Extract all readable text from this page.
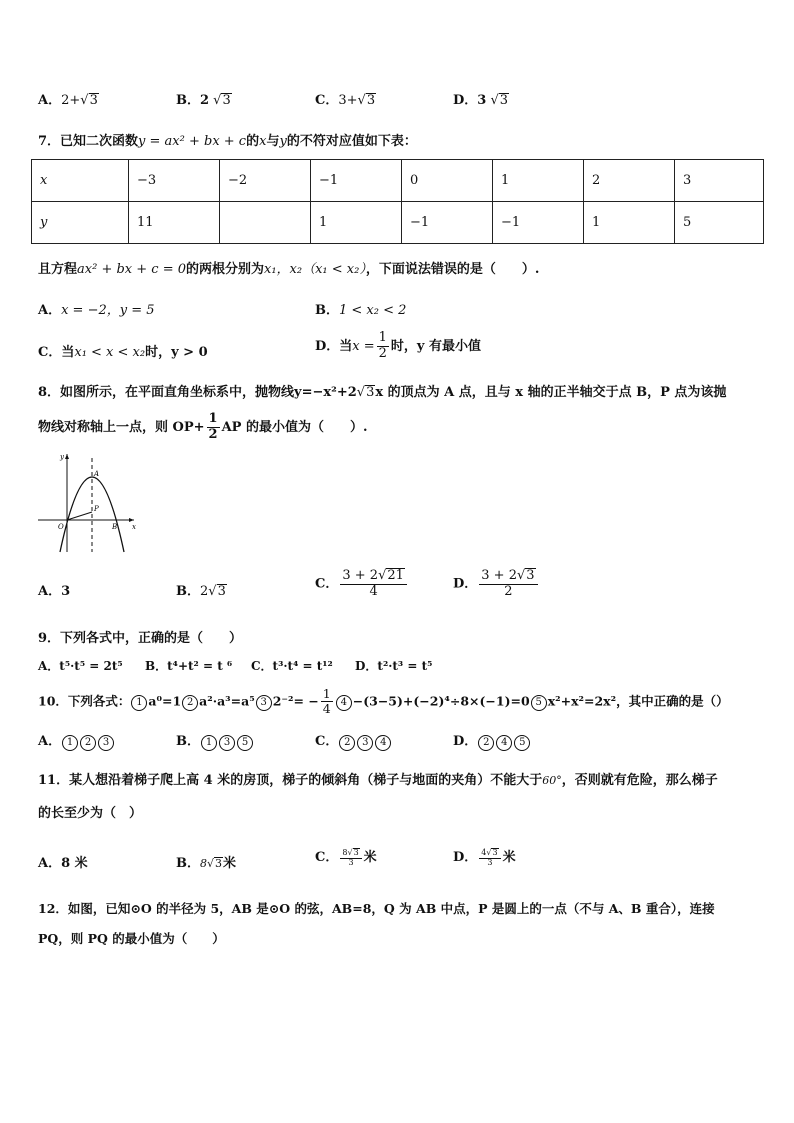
A．2+√3	B．2 √3	C．3+√3	D．3 √3
7．已知二次函数y = ax² + bx + c的x与y的不符对应值如下表：
x	−3	−2	−1	0	1	2	3
y	11		1	−1	−1	1	5
且方程ax² + bx + c = 0的两根分别为x₁，x₂（x₁ < x₂），下面说法错误的是（　　）.
A．x = −2，y = 5	B．1 < x₂ < 2
C．当x₁ < x < x₂时，y > 0	D．当$x = \frac{1}{2}$ 时，y 有最小值
8．如图所示，在平面直角坐标系中，抛物线y=−x²+2√3x 的顶点为 A 点，且与 x 轴的正半轴交于点 B，P 点为该抛
物线对称轴上一点，则 $OP+ \frac{1}{2}$ AP 的最小值为（　　）.
y
x
O
A
P
B
A．3	B．2√3
C． $\frac{3 + 2√21}{4}$	D． $\frac{3 + 2√3}{2}$
9．下列各式中，正确的是（　　）
A．t⁵·t⁵ = 2t⁵ B．t⁴+t² = t ⁶ C．t³·t⁴ = t¹² D．t²·t³ = t⁵
10．下列各式： 1 a⁰=1 2 a²·a³=a⁵ 3 $2^{-2}= - \frac{1}{4} 4 -(3-5)+(-2)^4\div 8\times(-1)=0$ 5 x²+x²=2x²，其中正确的是（）
A． 1 2 3	B． 1 3 5	C． 2 3 4	D． 2 4 5
11．某人想沿着梯子爬上高 4 米的房顶，梯子的倾斜角（梯子与地面的夹角）不能大于60°，否则就有危险，那么梯子
的长至少为（　）
A．8 米	B．8√3米	C． $\frac{8√3}{3}$ 米	D． $\frac{4√3}{3}$ 米
12．如图，已知⊙O 的半径为 5，AB 是⊙O 的弦，AB=8，Q 为 AB 中点，P 是圆上的一点（不与 A、B 重合），连接
PQ，则 PQ 的最小值为（　　）
